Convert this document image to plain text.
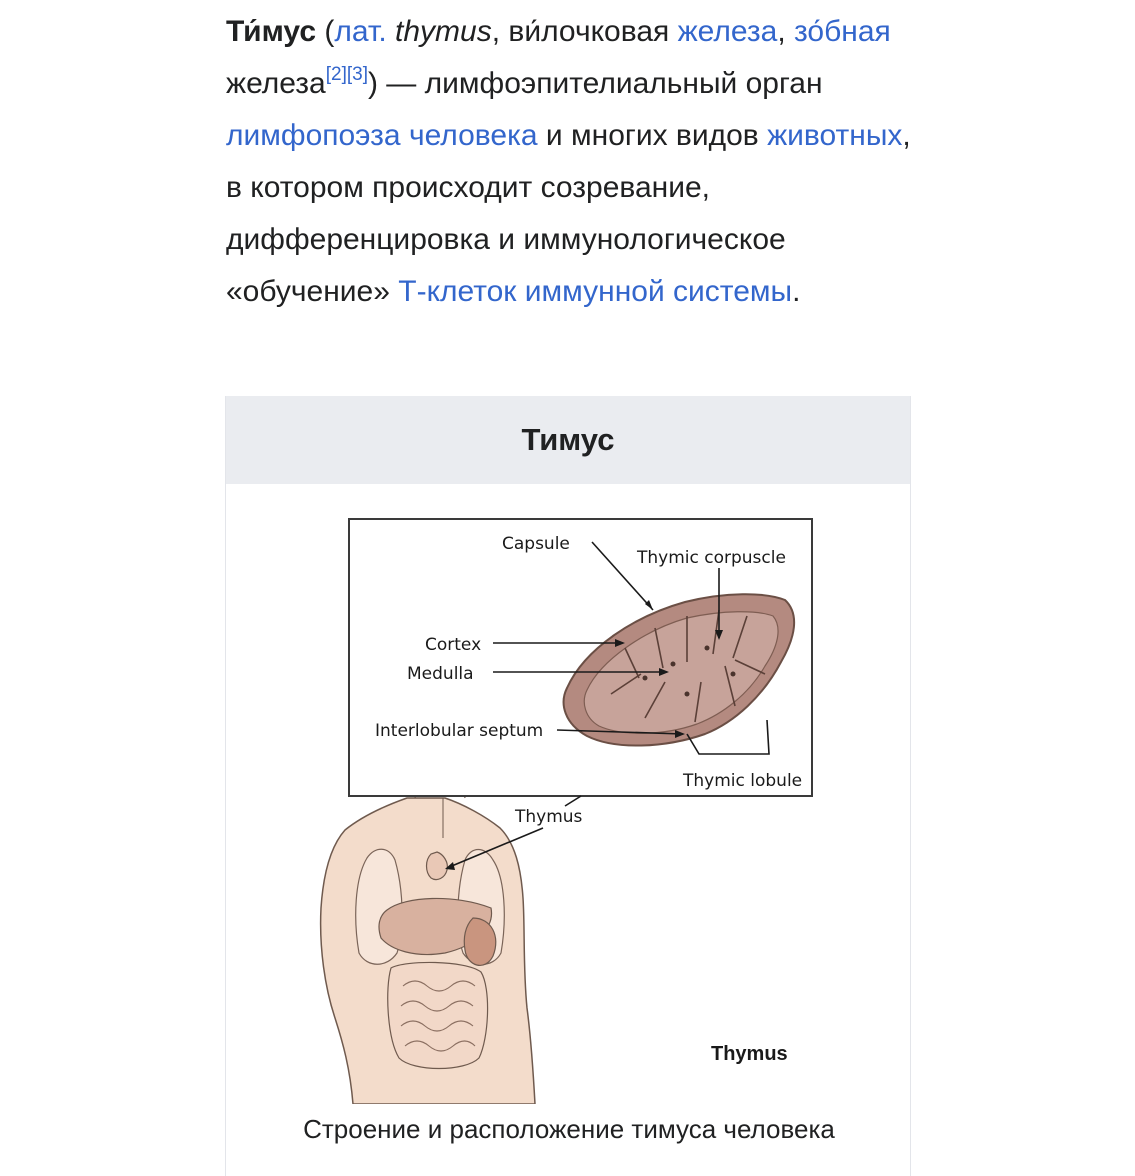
Ти́мус (лат. thymus, ви́лочковая железа, зо́бная железа[2][3]) — лимфоэпителиальный орган лимфопоэза человека и многих видов животных, в котором происходит созревание, дифференцировка и иммунологическое «обучение» Т-клеток иммунной системы.

Тимус
Capsule
Thymic corpuscle
Cortex
Medulla
Interlobular septum
Thymic lobule
Thymus
Thymus
Строение и расположение тимуса человека
